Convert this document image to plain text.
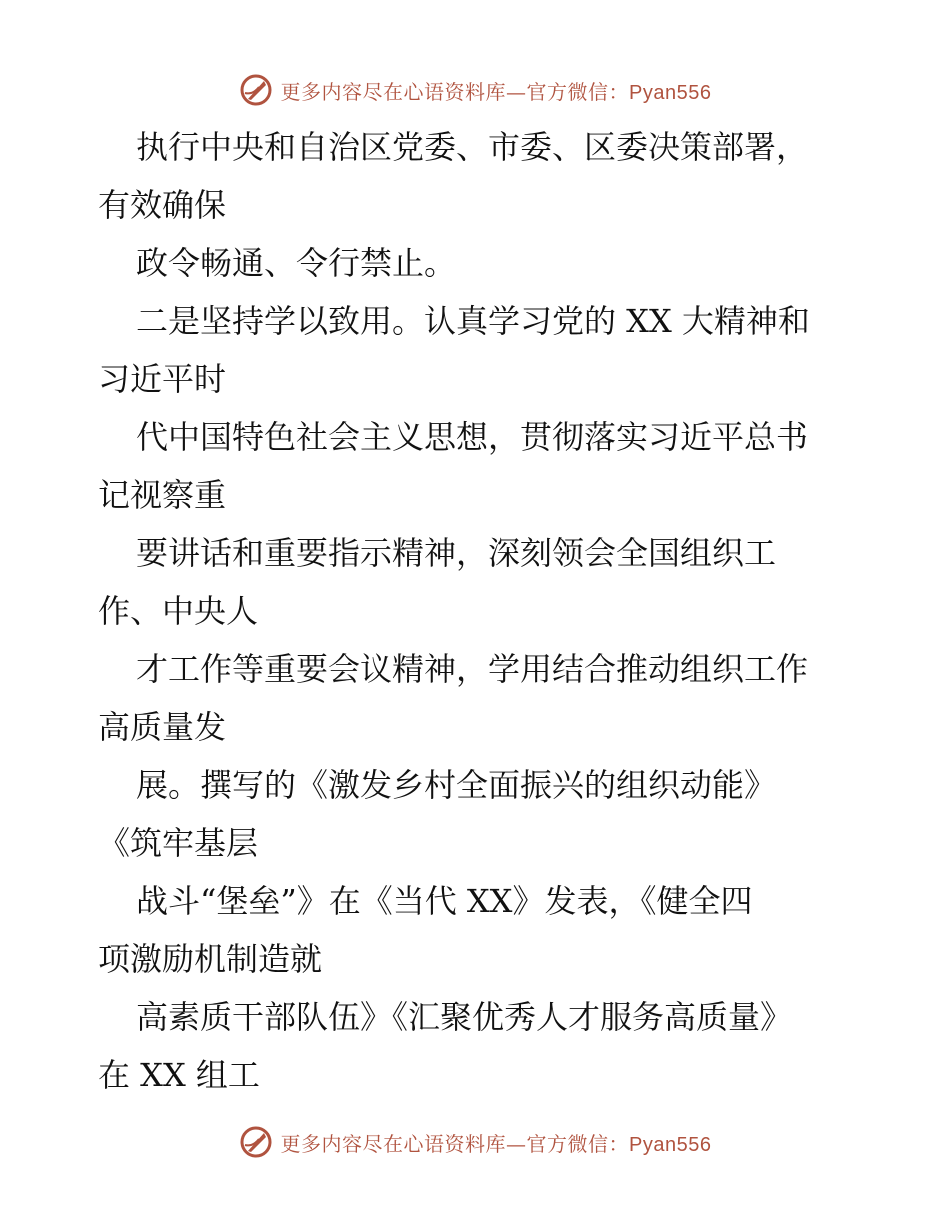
更多内容尽在心语资料库—官方微信：Pyan556

执行中央和自治区党委、市委、区委决策部署，
有效确保

政令畅通、令行禁止。

二是坚持学以致用。认真学习党的 XX 大精神和
习近平时

代中国特色社会主义思想，贯彻落实习近平总书
记视察重

要讲话和重要指示精神，深刻领会全国组织工
作、中央人

才工作等重要会议精神，学用结合推动组织工作
高质量发

展。撰写的《激发乡村全面振兴的组织动能》
《筑牢基层

战斗“堡垒”》在《当代 XX》发表，《健全四
项激励机制造就

高素质干部队伍》《汇聚优秀人才服务高质量》
在 XX 组工

更多内容尽在心语资料库—官方微信：Pyan556
